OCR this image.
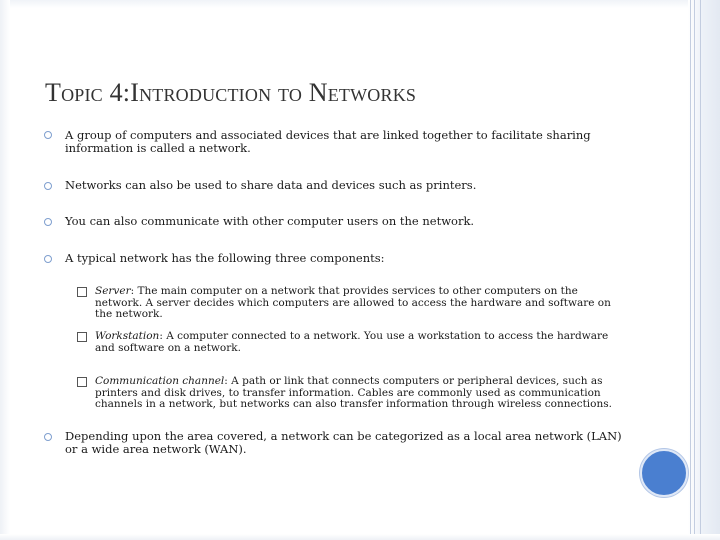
Topic 4:Introduction to Networks
A group of computers and associated devices that are linked together to facilitate sharing information is called a network.
Networks can also be used to share data and devices such as printers.
You can also communicate with other computer users on the network.
A typical network has the following three components:
Server: The main computer on a network that provides services to other computers on the network. A server decides which computers are allowed to access the hardware and software on the network.
Workstation: A computer connected to a network. You use a workstation to access the hardware and software on a network.
Communication channel: A path or link that connects computers or peripheral devices, such as printers and disk drives, to transfer information. Cables are commonly used as communication channels in a network, but networks can also transfer information through wireless connections.
Depending upon the area covered, a network can be categorized as a local area network (LAN) or a wide area network (WAN).
